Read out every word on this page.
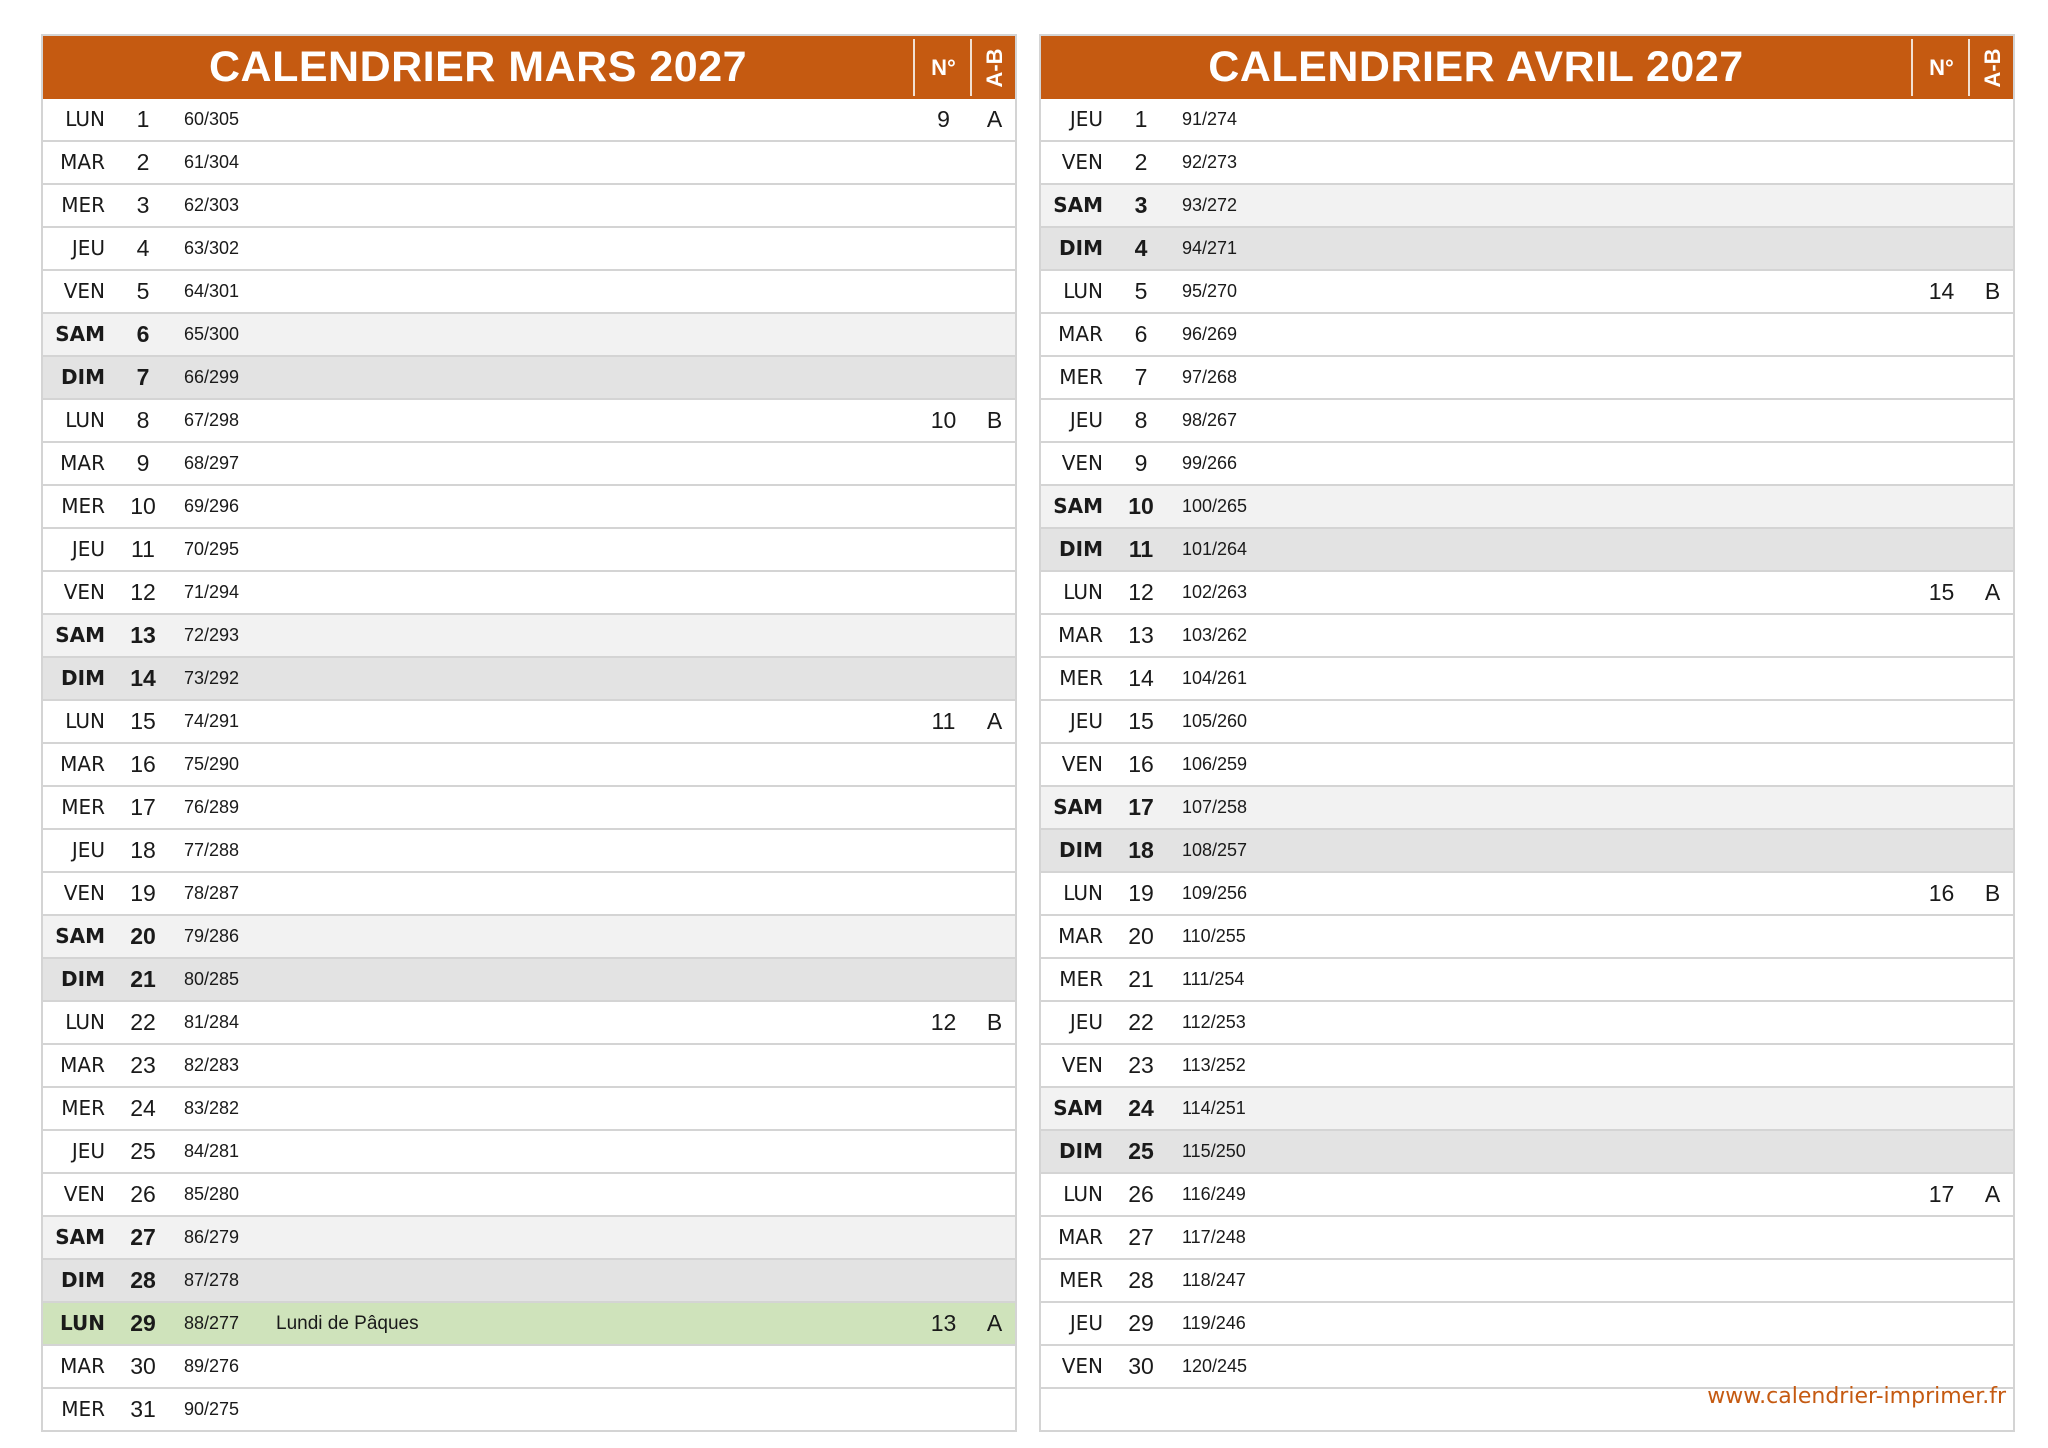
CALENDRIER MARS 2027	N°	A-B
LUN	1	60/305	9	A
MAR	2	61/304
MER	3	62/303
JEU	4	63/302
VEN	5	64/301
SAM	6	65/300
DIM	7	66/299
LUN	8	67/298	10	B
MAR	9	68/297
MER	10	69/296
JEU	11	70/295
VEN	12	71/294
SAM	13	72/293
DIM	14	73/292
LUN	15	74/291	11	A
MAR	16	75/290
MER	17	76/289
JEU	18	77/288
VEN	19	78/287
SAM	20	79/286
DIM	21	80/285
LUN	22	81/284	12	B
MAR	23	82/283
MER	24	83/282
JEU	25	84/281
VEN	26	85/280
SAM	27	86/279
DIM	28	87/278
LUN	29	88/277	Lundi de Pâques	13	A
MAR	30	89/276
MER	31	90/275
CALENDRIER AVRIL 2027	N°	A-B
JEU	1	91/274
VEN	2	92/273
SAM	3	93/272
DIM	4	94/271
LUN	5	95/270	14	B
MAR	6	96/269
MER	7	97/268
JEU	8	98/267
VEN	9	99/266
SAM	10	100/265
DIM	11	101/264
LUN	12	102/263	15	A
MAR	13	103/262
MER	14	104/261
JEU	15	105/260
VEN	16	106/259
SAM	17	107/258
DIM	18	108/257
LUN	19	109/256	16	B
MAR	20	110/255
MER	21	111/254
JEU	22	112/253
VEN	23	113/252
SAM	24	114/251
DIM	25	115/250
LUN	26	116/249	17	A
MAR	27	117/248
MER	28	118/247
JEU	29	119/246
VEN	30	120/245
www.calendrier-imprimer.fr
